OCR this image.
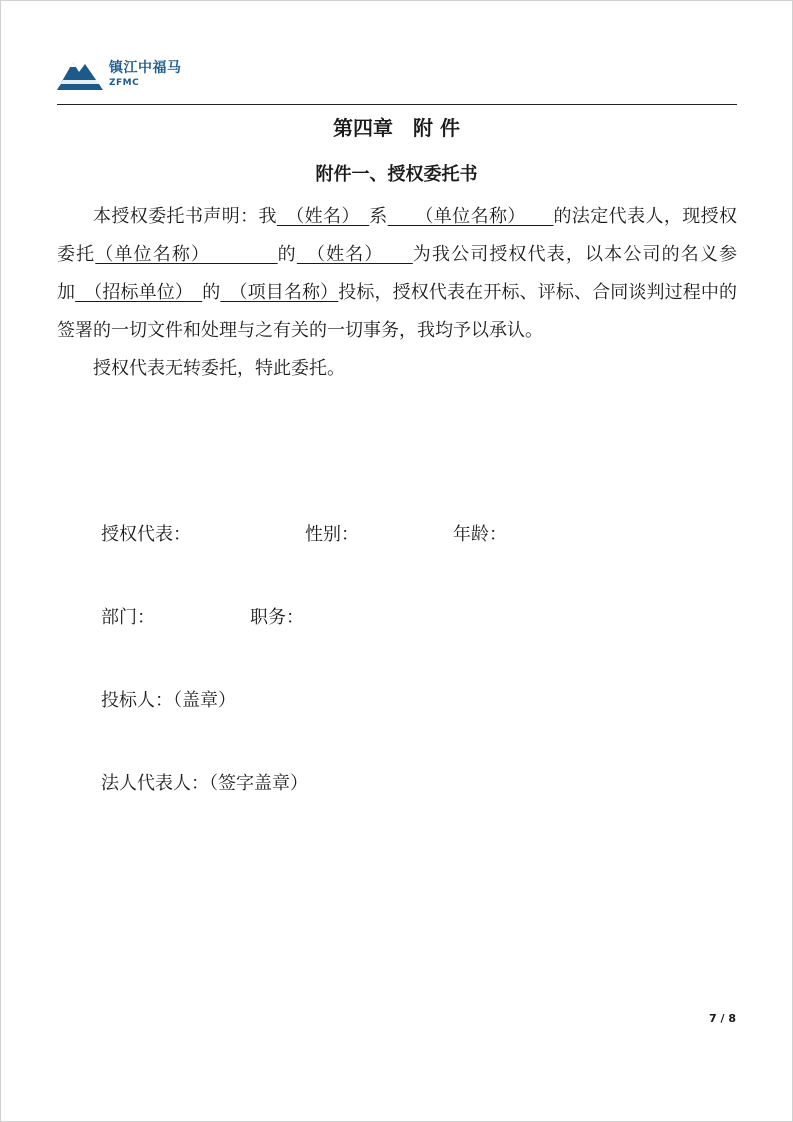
镇江中福马
ZFMC
第四章　附 件
附件一、授权委托书

本授权委托书声明：我　（姓名）　系　　（单位名称）　　的法定代表人，现授权委托（单位名称）　　　　的　（姓名）　　为我公司授权代表，以本公司的名义参加　（招标单位）　的　（项目名称）投标，授权代表在开标、评标、合同谈判过程中的签署的一切文件和处理与之有关的一切事务，我均予以承认。

授权代表无转委托，特此委托。

授权代表：	性别：	年龄：
部门：	职务：
投标人：（盖章）
法人代表人：（签字盖章）
7 / 8
